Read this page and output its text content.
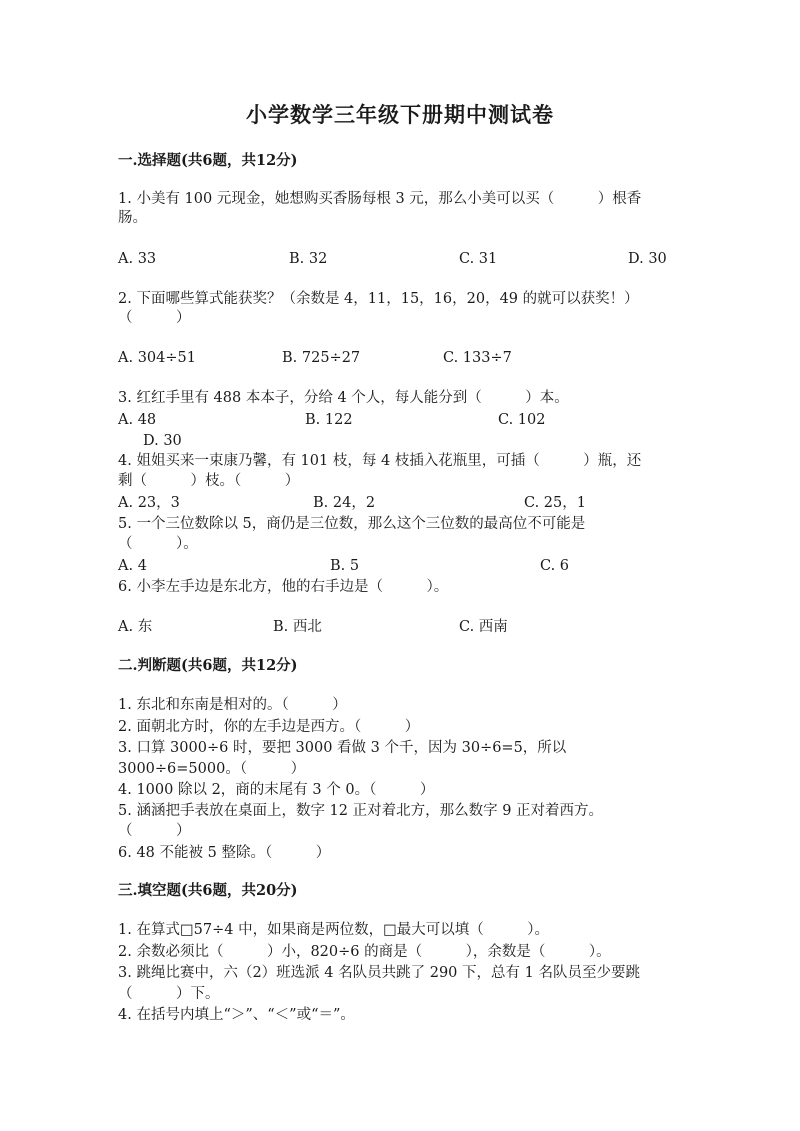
小学数学三年级下册期中测试卷
一.选择题(共6题，共12分)
1. 小美有 100 元现金，她想购买香肠每根 3 元，那么小美可以买（　　　）根香
肠。
A. 33	B. 32	C. 31	D. 30
2. 下面哪些算式能获奖？（余数是 4，11，15，16，20，49 的就可以获奖！）
（　　　）
A. 304÷51	B. 725÷27	C. 133÷7
3. 红红手里有 488 本本子，分给 4 个人，每人能分到（　　　）本。
A. 48	B. 122	C. 102
D. 30
4. 姐姐买来一束康乃馨，有 101 枝，每 4 枝插入花瓶里，可插（　　　）瓶，还
剩（　　　）枝。（　　　）
A. 23，3	B. 24，2	C. 25，1
5. 一个三位数除以 5，商仍是三位数，那么这个三位数的最高位不可能是
（　　　）。
A. 4	B. 5	C. 6
6. 小李左手边是东北方，他的右手边是（　　　）。
A. 东	B. 西北	C. 西南
二.判断题(共6题，共12分)
1. 东北和东南是相对的。（　　　）
2. 面朝北方时，你的左手边是西方。（　　　）
3. 口算 3000÷6 时，要把 3000 看做 3 个千，因为 30÷6=5，所以
3000÷6=5000。（　　　）
4. 1000 除以 2，商的末尾有 3 个 0。（　　　）
5. 涵涵把手表放在桌面上，数字 12 正对着北方，那么数字 9 正对着西方。
（　　　）
6. 48 不能被 5 整除。（　　　）
三.填空题(共6题，共20分)
1. 在算式□57÷4 中，如果商是两位数，□最大可以填（　　　）。
2. 余数必须比（　　　）小，820÷6 的商是（　　　），余数是（　　　）。
3. 跳绳比赛中，六（2）班选派 4 名队员共跳了 290 下，总有 1 名队员至少要跳
（　　　）下。
4. 在括号内填上“＞”、“＜”或“＝”。
